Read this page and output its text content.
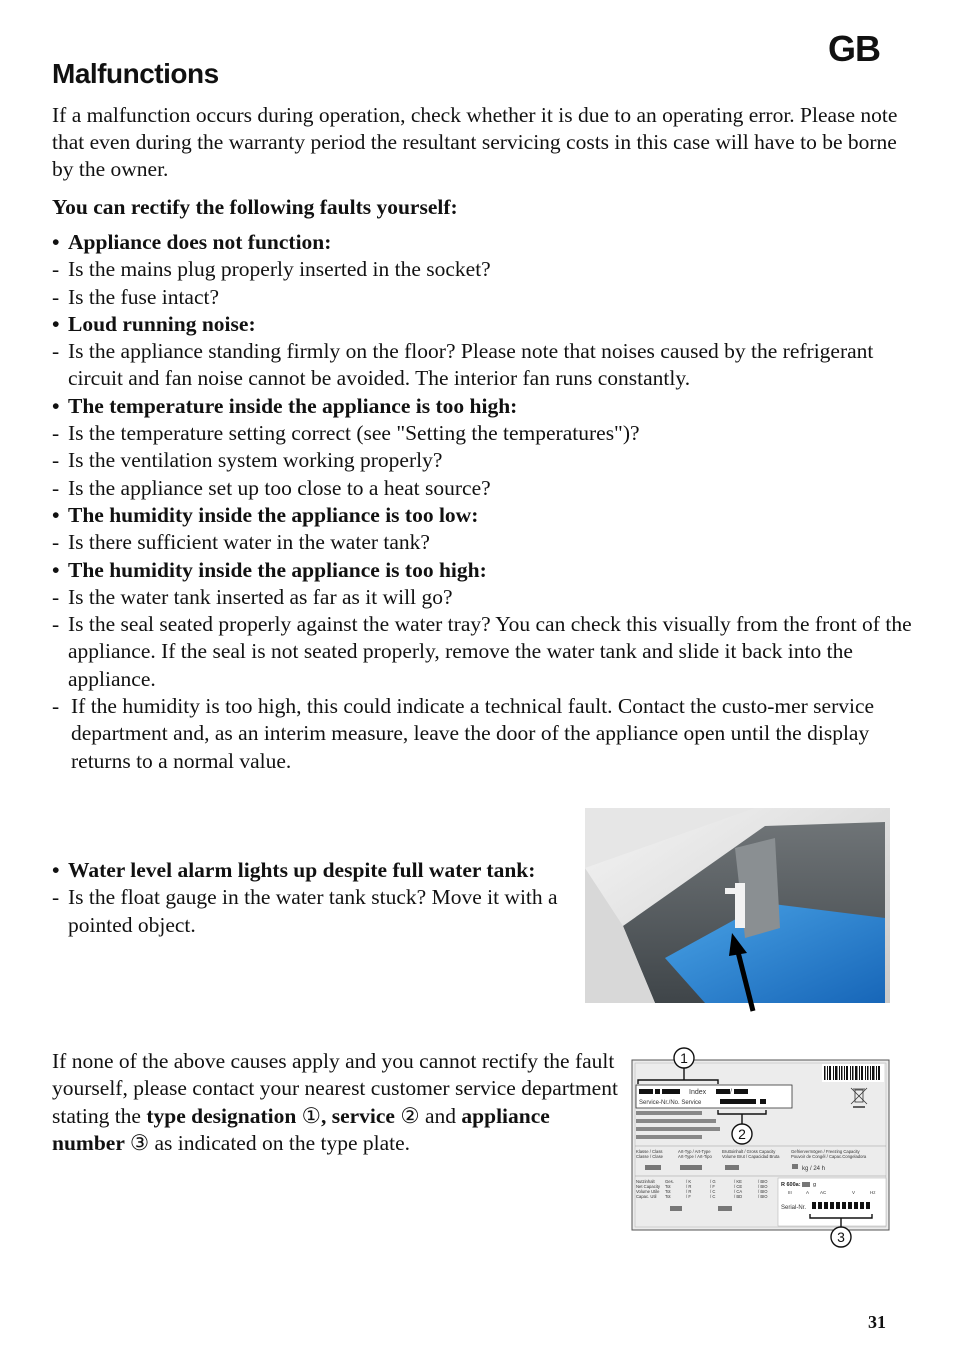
GB
Malfunctions

If a malfunction occurs during operation, check whether it is due to an operating error. Please note that even during the warranty period the resultant servicing costs in this case will have to be borne by the owner.

You can rectify the following faults yourself:

• Appliance does not function:
- Is the mains plug properly inserted in the socket?
- Is the fuse intact?
• Loud running noise:
- Is the appliance standing firmly on the floor? Please note that noises caused by the refrigerant circuit and fan noise cannot be avoided. The interior fan runs constantly.
• The temperature inside the appliance is too high:
- Is the temperature setting correct (see "Setting the temperatures")?
- Is the ventilation system working properly?
- Is the appliance set up too close to a heat source?
• The humidity inside the appliance is too low:
- Is there sufficient water in the water tank?
• The humidity inside the appliance is too high:
- Is the water tank inserted as far as it will go?
- Is the seal seated properly against the water tray? You can check this visually from the front of the appliance. If the seal is not seated properly, remove the water tank and slide it back into the appliance.
- If the humidity is too high, this could indicate a technical fault. Contact the custo-mer service department and, as an interim measure, leave the door of the appliance open until the display returns to a normal value.
• Water level alarm lights up despite full water tank:
- Is the float gauge in the water tank stuck? Move it with a pointed object.

If none of the above causes apply and you cannot rectify the fault yourself, please contact your nearest customer service department stating the type designation ①, service ② and appliance number ③ as indicated on the type plate.

Index	/
Service-Nr./No. Service
Klasse / Class
Classe / Clase
Art-Typ / Art-Type
Art-Type / Art-Tipo
Bruttoinhalt / Gross Capacity
Volume Brut / Capacidad Bruta
Gefriervermögen / Freezing Capacity
Pouvoir de Congél / Capac.Congeladora
kg / 24 h
Nutzinhalt
Net Capacity
Volume Utile
Capac. Util
Ges.
Tot
Tot
Tot
/ K
/ R
/ R
/ F
/ G
/ F
/ C
/ C
/ KE
/ CE
/ CA
/ BD
/ BIO
/ BIO
/ BIO
/ BIO
R 600a: g
III	A AC	V	Hz
Serial-Nr.
1
2
3
31
